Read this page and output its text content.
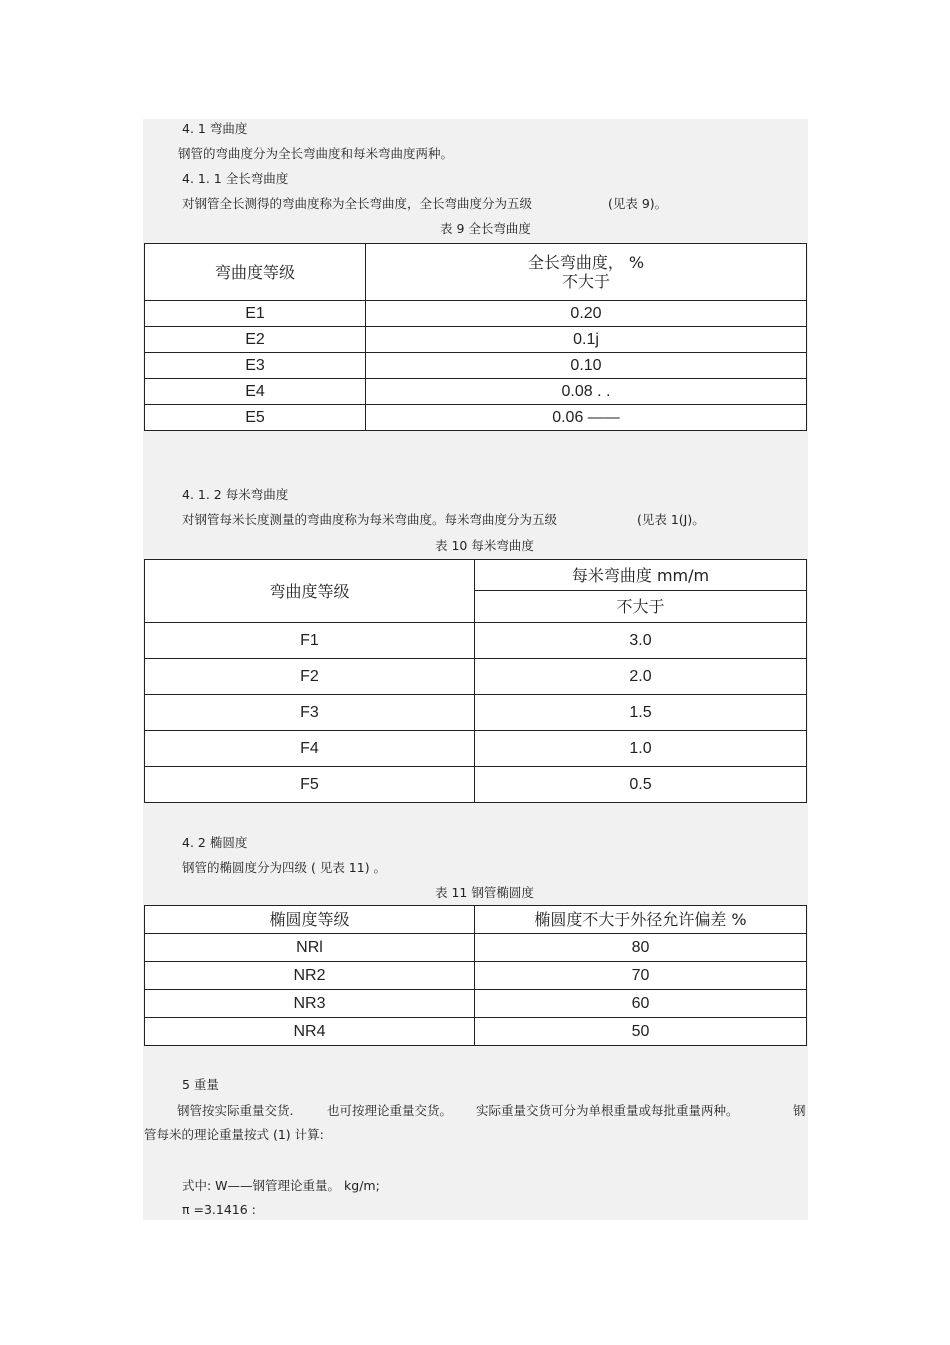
4. 1 弯曲度
钢管的弯曲度分为全长弯曲度和每米弯曲度两种。
4. 1. 1 全长弯曲度
对钢管全长测得的弯曲度称为全长弯曲度，全长弯曲度分为五级	(见表 9)。
表 9 全长弯曲度
弯曲度等级	全长弯曲度， %
不大于

E1	0.20
E2	0.1j
E3	0.10
E4	0.08 . .
E5	0.06 ——
4. 1. 2 每米弯曲度
对钢管每米长度测量的弯曲度称为每米弯曲度。每米弯曲度分为五级	(见表 1(J)。
表 10 每米弯曲度
弯曲度等级	每米弯曲度 mm/m
	不大于
F1	3.0
F2	2.0
F3	1.5
F4	1.0
F5	0.5
4. 2 椭圆度
钢管的椭圆度分为四级 ( 见表 11) 。
表 11 钢管椭圆度
椭圆度等级	椭圆度不大于外径允许偏差 %
NRl	80
NR2	70
NR3	60
NR4	50
5 重量
钢管按实际重量交货.	也可按理论重量交货。 实际重量交货可分为单根重量或每批重量两种。	钢
管每米的理论重量按式 (1) 计算:
式中: W——钢管理论重量。 kg/m;
π =3.1416 :
